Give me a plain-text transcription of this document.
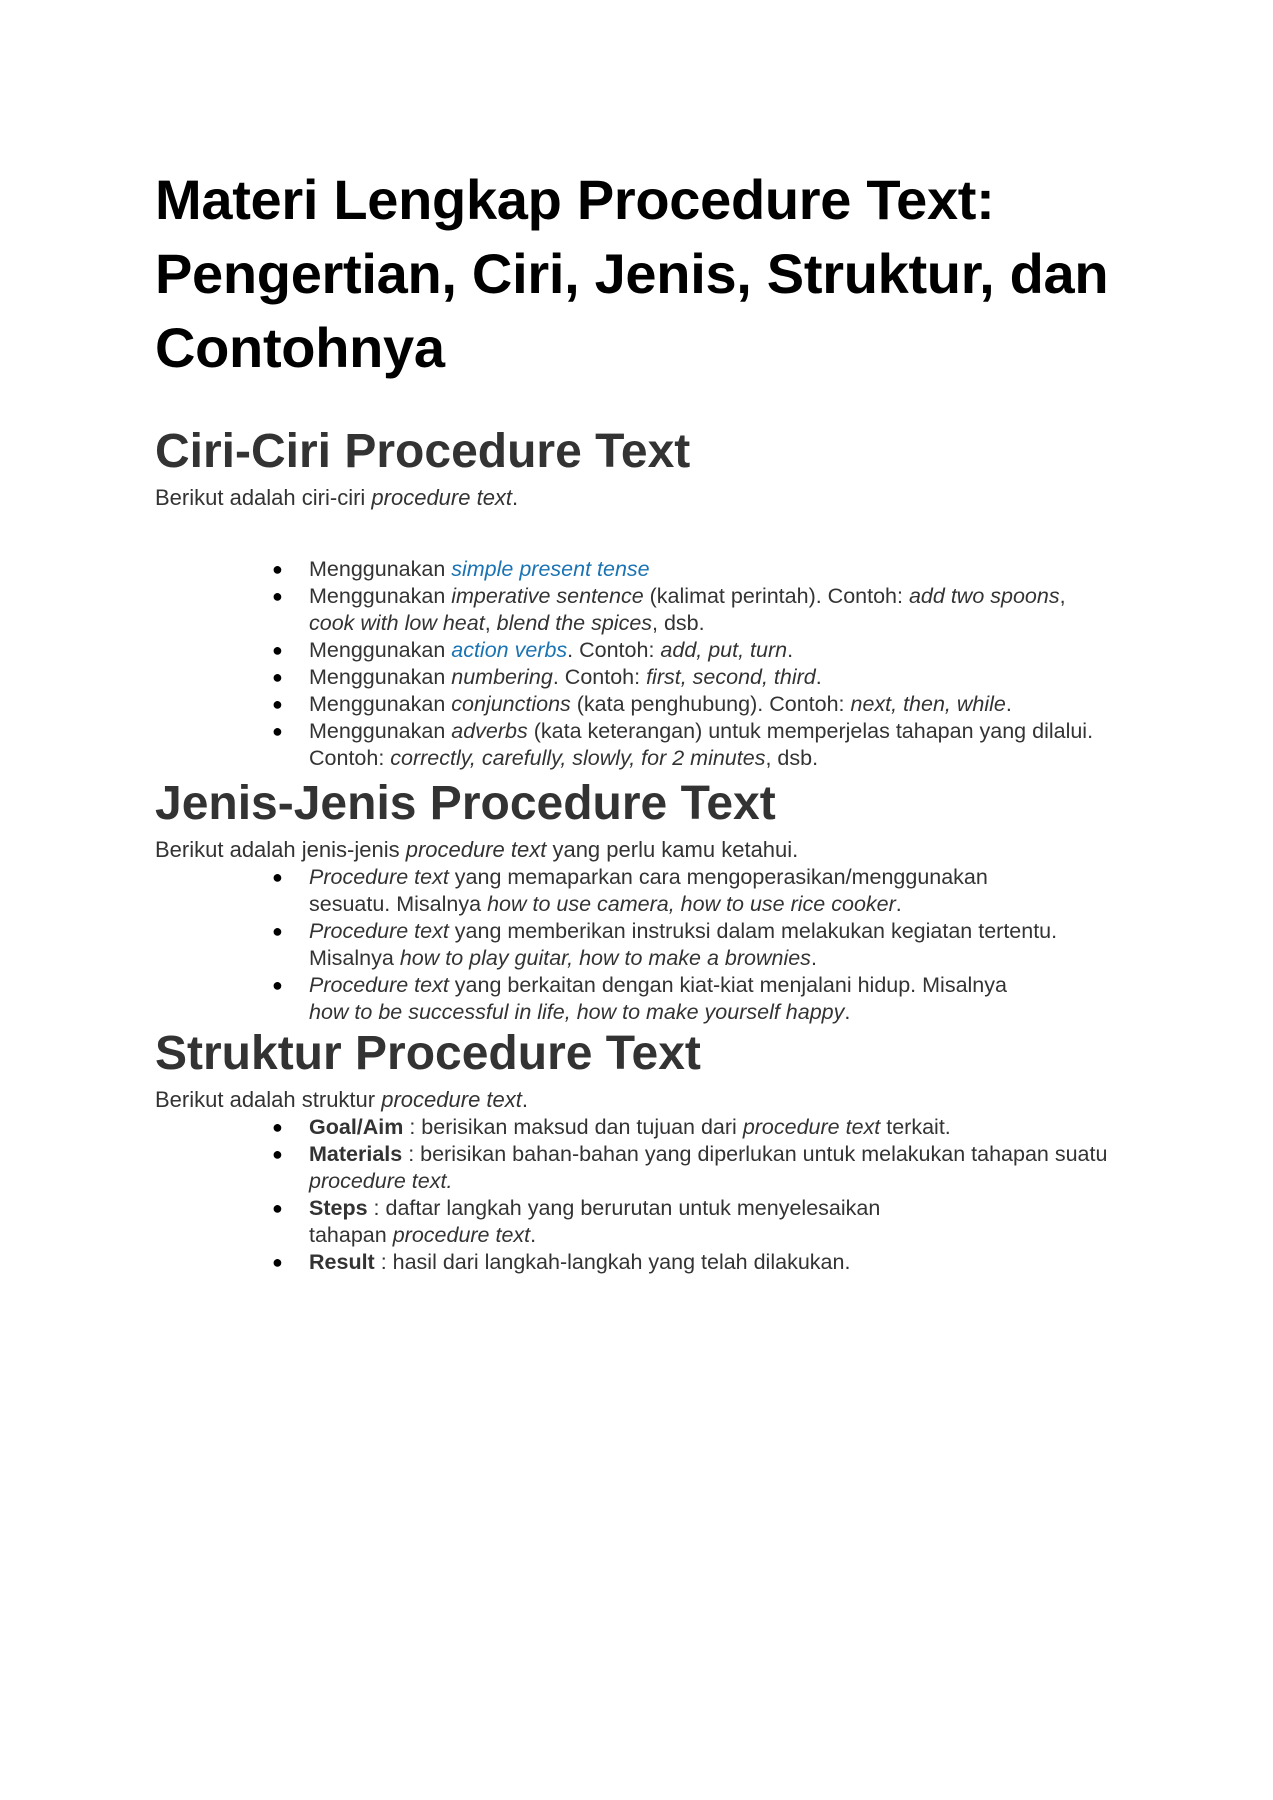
Materi Lengkap Procedure Text: Pengertian, Ciri, Jenis, Struktur, dan Contohnya
Ciri-Ciri Procedure Text

Berikut adalah ciri-ciri procedure text.

● Menggunakan simple present tense
● Menggunakan imperative sentence (kalimat perintah). Contoh: add two spoons, cook with low heat, blend the spices, dsb.
● Menggunakan action verbs. Contoh: add, put, turn.
● Menggunakan numbering. Contoh: first, second, third.
● Menggunakan conjunctions (kata penghubung). Contoh: next, then, while.
● Menggunakan adverbs (kata keterangan) untuk memperjelas tahapan yang dilalui. Contoh: correctly, carefully, slowly, for 2 minutes, dsb.
Jenis-Jenis Procedure Text

Berikut adalah jenis-jenis procedure text yang perlu kamu ketahui.

● Procedure text yang memaparkan cara mengoperasikan/menggunakan sesuatu. Misalnya how to use camera, how to use rice cooker.
● Procedure text yang memberikan instruksi dalam melakukan kegiatan tertentu. Misalnya how to play guitar, how to make a brownies.
● Procedure text yang berkaitan dengan kiat-kiat menjalani hidup. Misalnya how to be successful in life, how to make yourself happy.
Struktur Procedure Text

Berikut adalah struktur procedure text.

● Goal/Aim : berisikan maksud dan tujuan dari procedure text terkait.
● Materials : berisikan bahan-bahan yang diperlukan untuk melakukan tahapan suatu procedure text.
● Steps : daftar langkah yang berurutan untuk menyelesaikan tahapan procedure text.
● Result : hasil dari langkah-langkah yang telah dilakukan.
